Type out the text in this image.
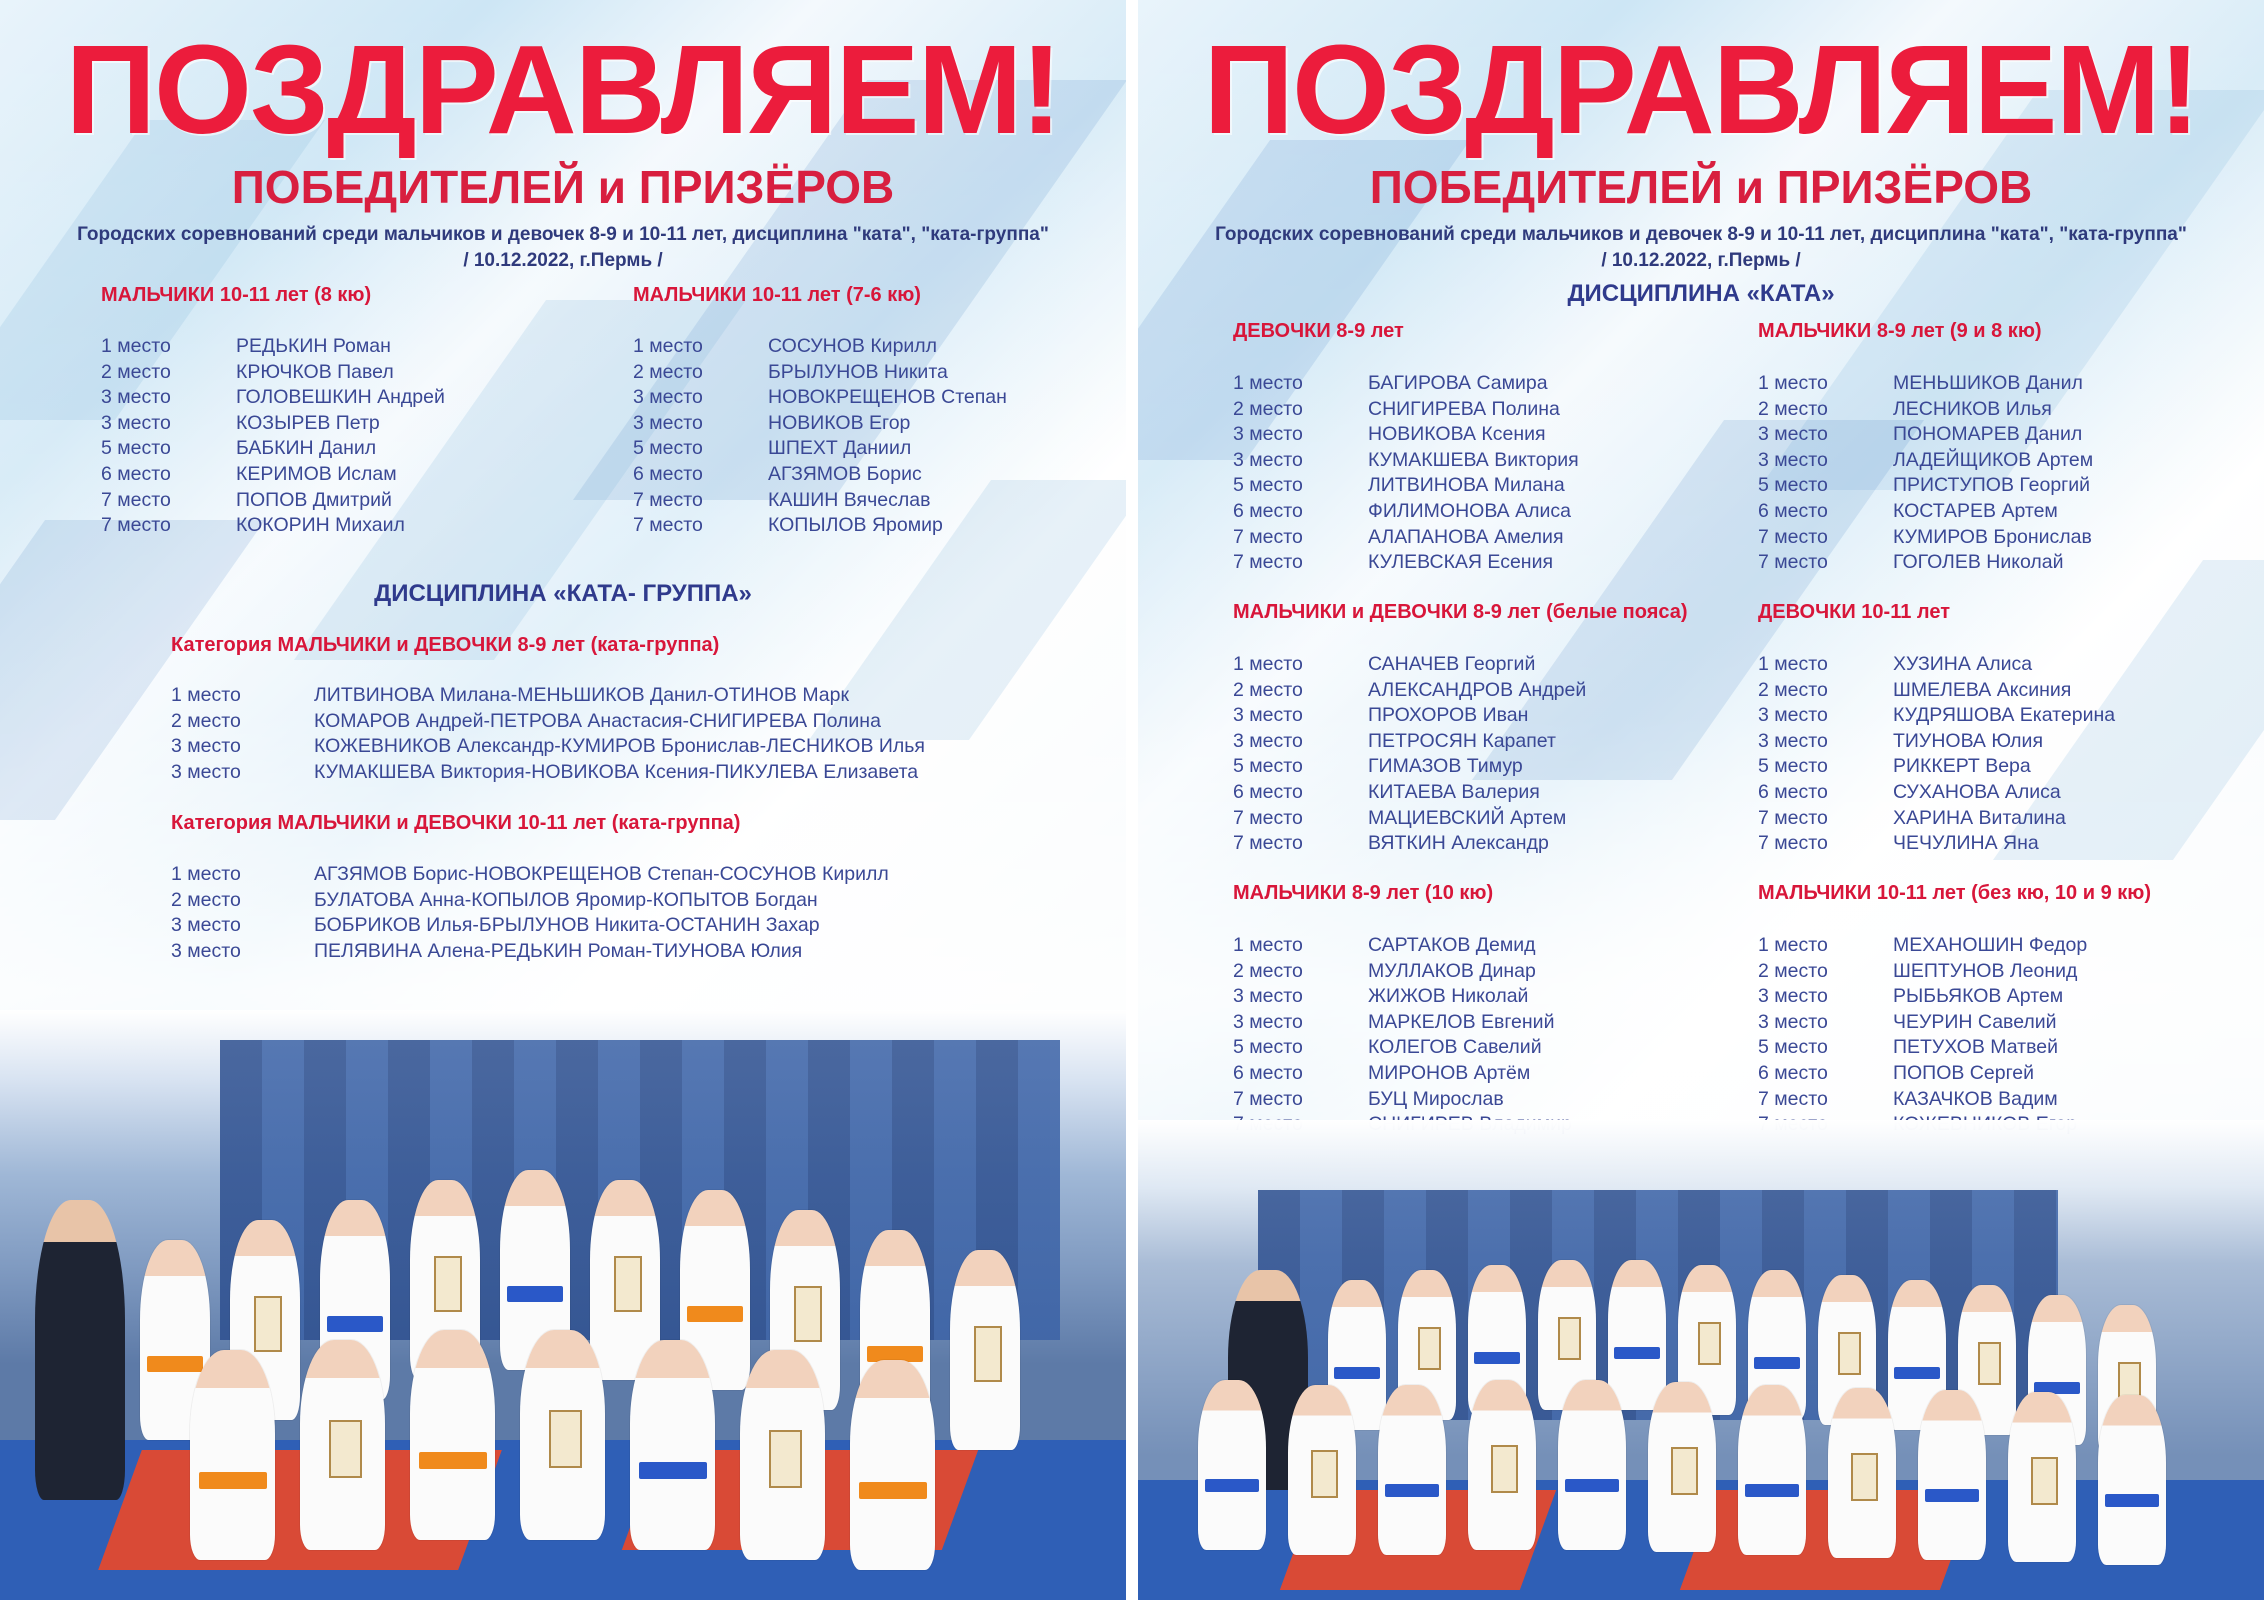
ПОЗДРАВЛЯЕМ!
ПОБЕДИТЕЛЕЙ и ПРИЗЁРОВ
Городских соревнований среди мальчиков и девочек 8-9 и 10-11 лет, дисциплина "ката", "ката-группа"
/ 10.12.2022, г.Пермь /
МАЛЬЧИКИ 10-11 лет (8 кю)
1 место	РЕДЬКИН Роман
2 место	КРЮЧКОВ Павел
3 место	ГОЛОВЕШКИН Андрей
3 место	КОЗЫРЕВ Петр
5 место	БАБКИН Данил
6 место	КЕРИМОВ Ислам
7 место	ПОПОВ Дмитрий
7 место	КОКОРИН Михаил
МАЛЬЧИКИ 10-11 лет (7-6 кю)
1 место	СОСУНОВ Кирилл
2 место	БРЫЛУНОВ Никита
3 место	НОВОКРЕЩЕНОВ Степан
3 место	НОВИКОВ Егор
5 место	ШПЕХТ Даниил
6 место	АГЗЯМОВ Борис
7 место	КАШИН Вячеслав
7 место	КОПЫЛОВ Яромир
ДИСЦИПЛИНА «КАТА- ГРУППА»
Категория МАЛЬЧИКИ и ДЕВОЧКИ 8-9 лет (ката-группа)
1 место	ЛИТВИНОВА Милана-МЕНЬШИКОВ Данил-ОТИНОВ Марк
2 место	КОМАРОВ Андрей-ПЕТРОВА Анастасия-СНИГИРЕВА Полина
3 место	КОЖЕВНИКОВ Александр-КУМИРОВ Бронислав-ЛЕСНИКОВ Илья
3 место	КУМАКШЕВА Виктория-НОВИКОВА Ксения-ПИКУЛЕВА Елизавета
Категория МАЛЬЧИКИ и ДЕВОЧКИ 10-11 лет (ката-группа)
1 место	АГЗЯМОВ Борис-НОВОКРЕЩЕНОВ Степан-СОСУНОВ Кирилл
2 место	БУЛАТОВА Анна-КОПЫЛОВ Яромир-КОПЫТОВ Богдан
3 место	БОБРИКОВ Илья-БРЫЛУНОВ Никита-ОСТАНИН Захар
3 место	ПЕЛЯВИНА Алена-РЕДЬКИН Роман-ТИУНОВА Юлия
ПОЗДРАВЛЯЕМ!
ПОБЕДИТЕЛЕЙ и ПРИЗЁРОВ
Городских соревнований среди мальчиков и девочек 8-9 и 10-11 лет, дисциплина "ката", "ката-группа"
/ 10.12.2022, г.Пермь /
ДИСЦИПЛИНА «КАТА»
ДЕВОЧКИ 8-9 лет
1 место	БАГИРОВА Самира
2 место	СНИГИРЕВА Полина
3 место	НОВИКОВА Ксения
3 место	КУМАКШЕВА Виктория
5 место	ЛИТВИНОВА Милана
6 место	ФИЛИМОНОВА Алиса
7 место	АЛАПАНОВА Амелия
7 место	КУЛЕВСКАЯ Есения
МАЛЬЧИКИ 8-9 лет (9 и 8 кю)
1 место	МЕНЬШИКОВ Данил
2 место	ЛЕСНИКОВ Илья
3 место	ПОНОМАРЕВ Данил
3 место	ЛАДЕЙЩИКОВ Артем
5 место	ПРИСТУПОВ Георгий
6 место	КОСТАРЕВ Артем
7 место	КУМИРОВ Бронислав
7 место	ГОГОЛЕВ Николай
МАЛЬЧИКИ и ДЕВОЧКИ 8-9 лет (белые пояса)
1 место	САНАЧЕВ Георгий
2 место	АЛЕКСАНДРОВ Андрей
3 место	ПРОХОРОВ Иван
3 место	ПЕТРОСЯН Карапет
5 место	ГИМАЗОВ Тимур
6 место	КИТАЕВА Валерия
7 место	МАЦИЕВСКИЙ Артем
7 место	ВЯТКИН Александр
ДЕВОЧКИ 10-11 лет
1 место	ХУЗИНА Алиса
2 место	ШМЕЛЕВА Аксиния
3 место	КУДРЯШОВА Екатерина
3 место	ТИУНОВА Юлия
5 место	РИККЕРТ Вера
6 место	СУХАНОВА Алиса
7 место	ХАРИНА Виталина
7 место	ЧЕЧУЛИНА Яна
МАЛЬЧИКИ 8-9 лет (10 кю)
1 место	САРТАКОВ Демид
2 место	МУЛЛАКОВ Динар
3 место	ЖИЖОВ Николай
3 место	МАРКЕЛОВ Евгений
5 место	КОЛЕГОВ Савелий
6 место	МИРОНОВ Артём
7 место	БУЦ Мирослав
МАЛЬЧИКИ 10-11 лет (без кю, 10 и 9 кю)
1 место	МЕХАНОШИН Федор
2 место	ШЕПТУНОВ Леонид
3 место	РЫБЬЯКОВ Артем
3 место	ЧЕУРИН Савелий
5 место	ПЕТУХОВ Матвей
6 место	ПОПОВ Сергей
7 место	КАЗАЧКОВ Вадим
